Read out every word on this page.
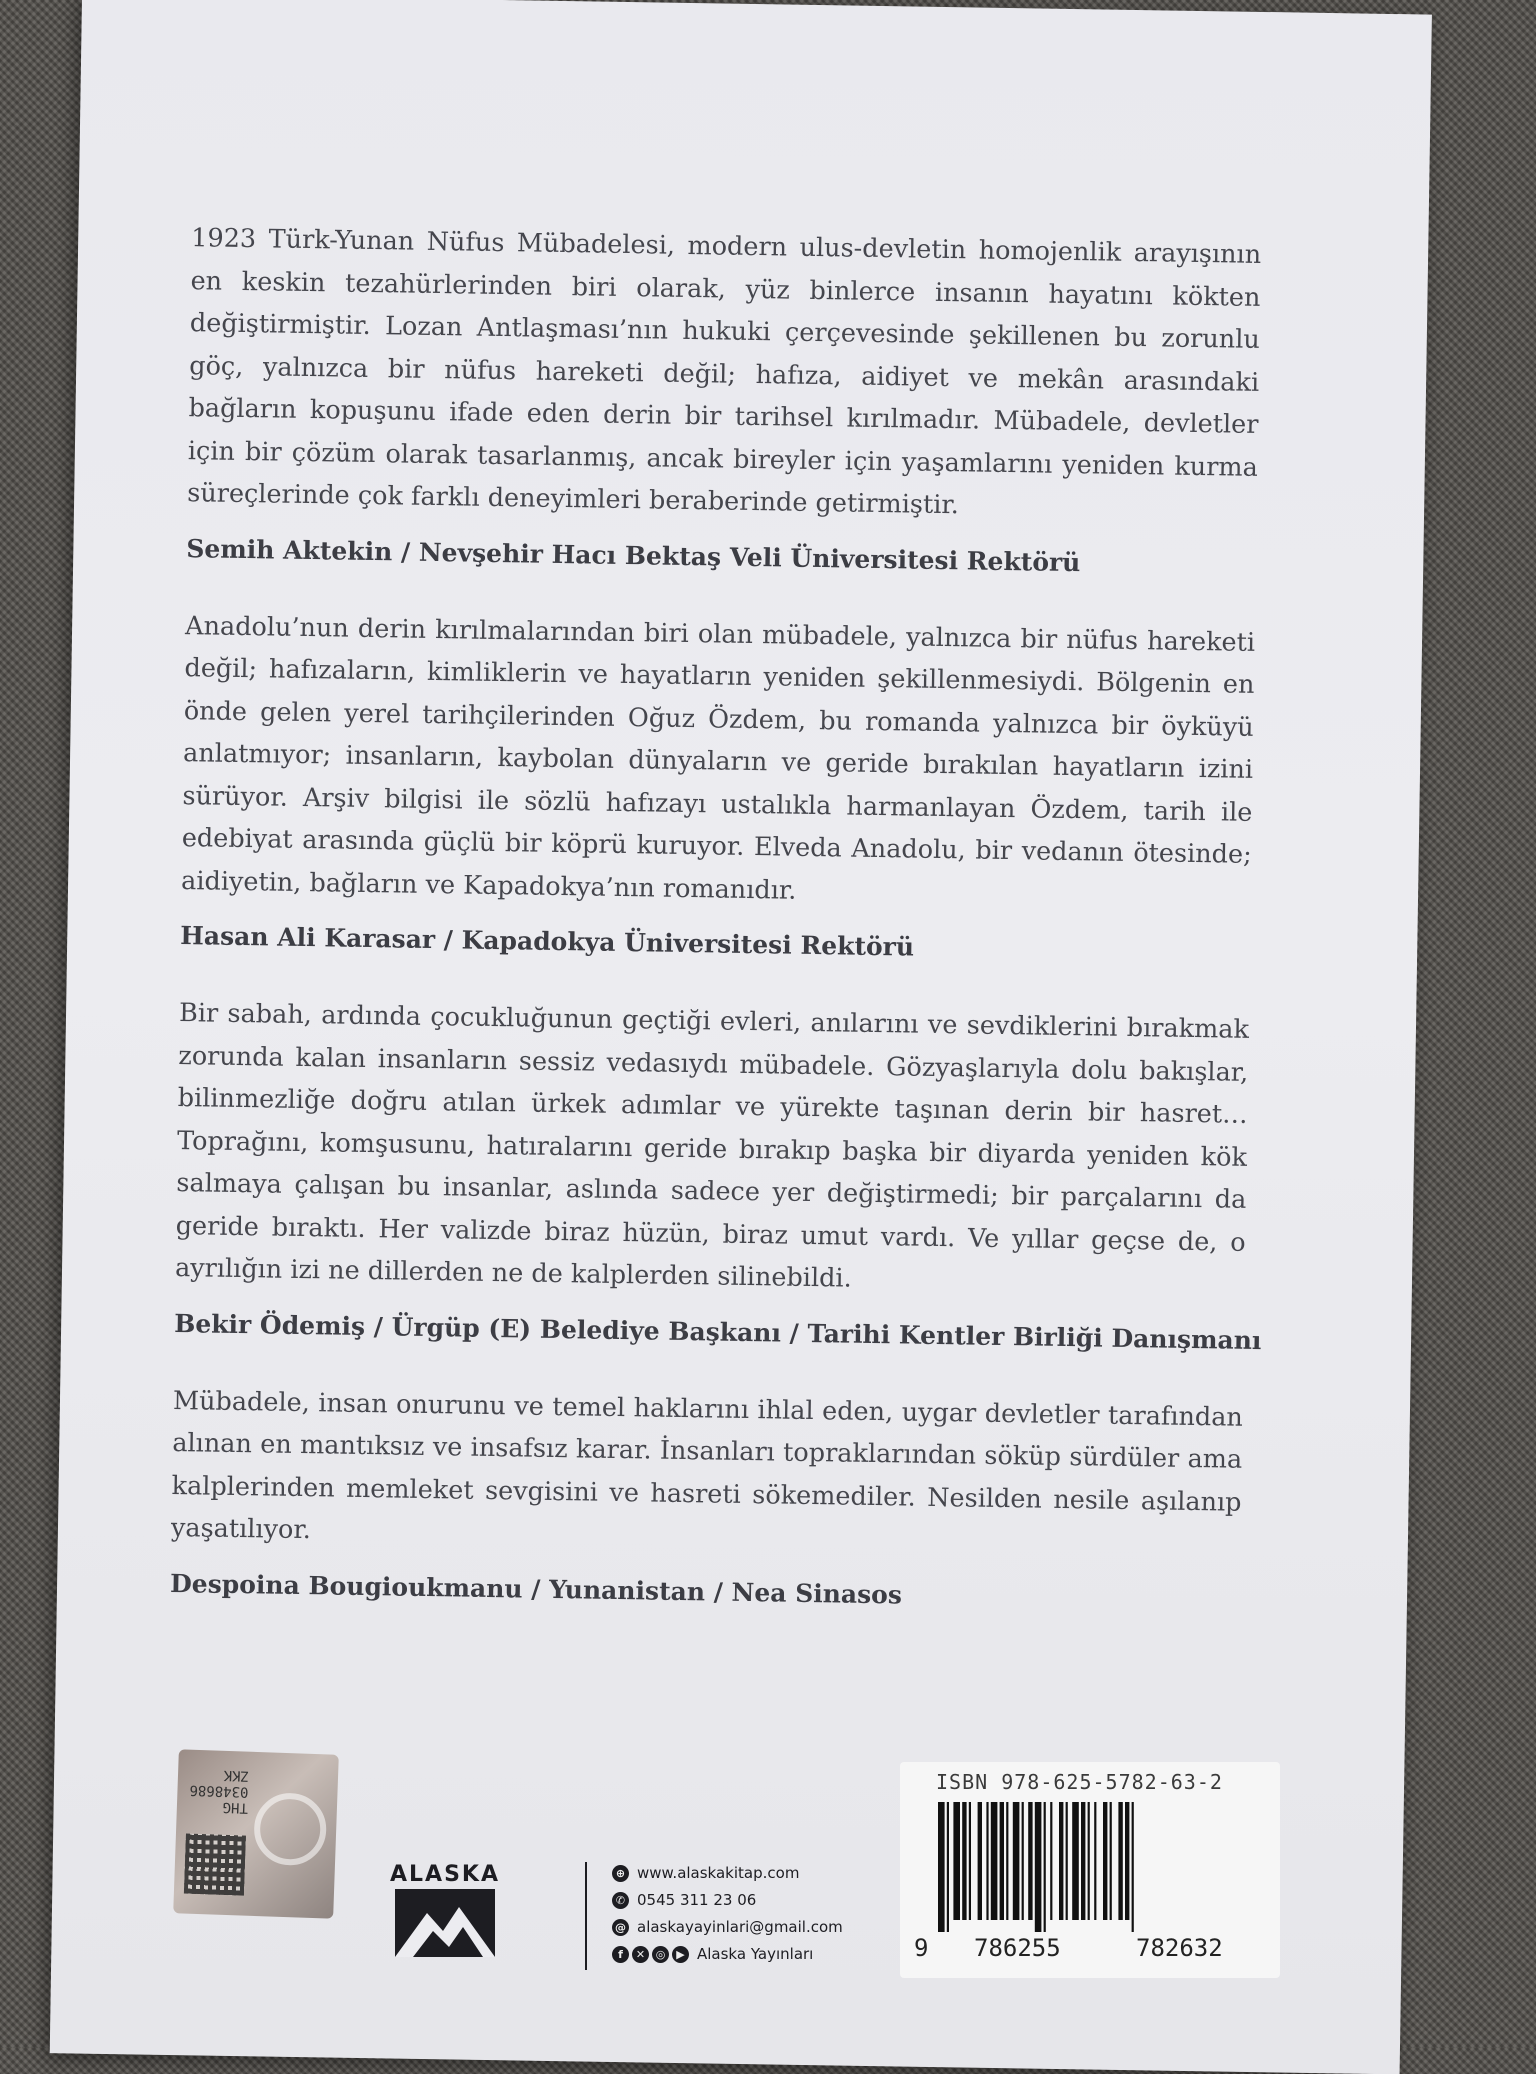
1923 Türk-Yunan Nüfus Mübadelesi, modern ulus-devletin homojenlik arayışının en keskin tezahürlerinden biri olarak, yüz binlerce insanın hayatını kökten değiştirmiştir. Lozan Antlaşması’nın hukuki çerçevesinde şekillenen bu zorunlu göç, yalnızca bir nüfus hareketi değil; hafıza, aidiyet ve mekân arasındaki bağların kopuşunu ifade eden derin bir tarihsel kırılmadır. Mübadele, devletler için bir çözüm olarak tasarlanmış, ancak bireyler için yaşamlarını yeniden kurma süreçlerinde çok farklı deneyimleri beraberinde getirmiştir.

Semih Aktekin / Nevşehir Hacı Bektaş Veli Üniversitesi Rektörü

Anadolu’nun derin kırılmalarından biri olan mübadele, yalnızca bir nüfus hareketi değil; hafızaların, kimliklerin ve hayatların yeniden şekillenmesiydi. Bölgenin en önde gelen yerel tarihçilerinden Oğuz Özdem, bu romanda yalnızca bir öyküyü anlatmıyor; insanların, kaybolan dünyaların ve geride bırakılan hayatların izini sürüyor. Arşiv bilgisi ile sözlü hafızayı ustalıkla harmanlayan Özdem, tarih ile edebiyat arasında güçlü bir köprü kuruyor. Elveda Anadolu, bir vedanın ötesinde; aidiyetin, bağların ve Kapadokya’nın romanıdır.

Hasan Ali Karasar / Kapadokya Üniversitesi Rektörü

Bir sabah, ardında çocukluğunun geçtiği evleri, anılarını ve sevdiklerini bırakmak zorunda kalan insanların sessiz vedasıydı mübadele. Gözyaşlarıyla dolu bakışlar, bilinmezliğe doğru atılan ürkek adımlar ve yürekte taşınan derin bir hasret… Toprağını, komşusunu, hatıralarını geride bırakıp başka bir diyarda yeniden kök salmaya çalışan bu insanlar, aslında sadece yer değiştirmedi; bir parçalarını da geride bıraktı. Her valizde biraz hüzün, biraz umut vardı. Ve yıllar geçse de, o ayrılığın izi ne dillerden ne de kalplerden silinebildi.

Bekir Ödemiş / Ürgüp (E) Belediye Başkanı / Tarihi Kentler Birliği Danışmanı

Mübadele, insan onurunu ve temel haklarını ihlal eden, uygar devletler tarafından alınan en mantıksız ve insafsız karar. İnsanları topraklarından söküp sürdüler ama kalplerinden memleket sevgisini ve hasreti sökemediler. Nesilden nesile aşılanıp yaşatılıyor.

Despoina Bougioukmanu / Yunanistan / Nea Sinasos
THG
0348686
ZKK
ALASKA	⊕ www.alaskakitap.com
✆ 0545 311 23 06
@ alaskayayinlari@gmail.com
f	✕ ◎ ▶ Alaska Yayınları
ISBN 978-625-5782-63-2
9 786255	782632
